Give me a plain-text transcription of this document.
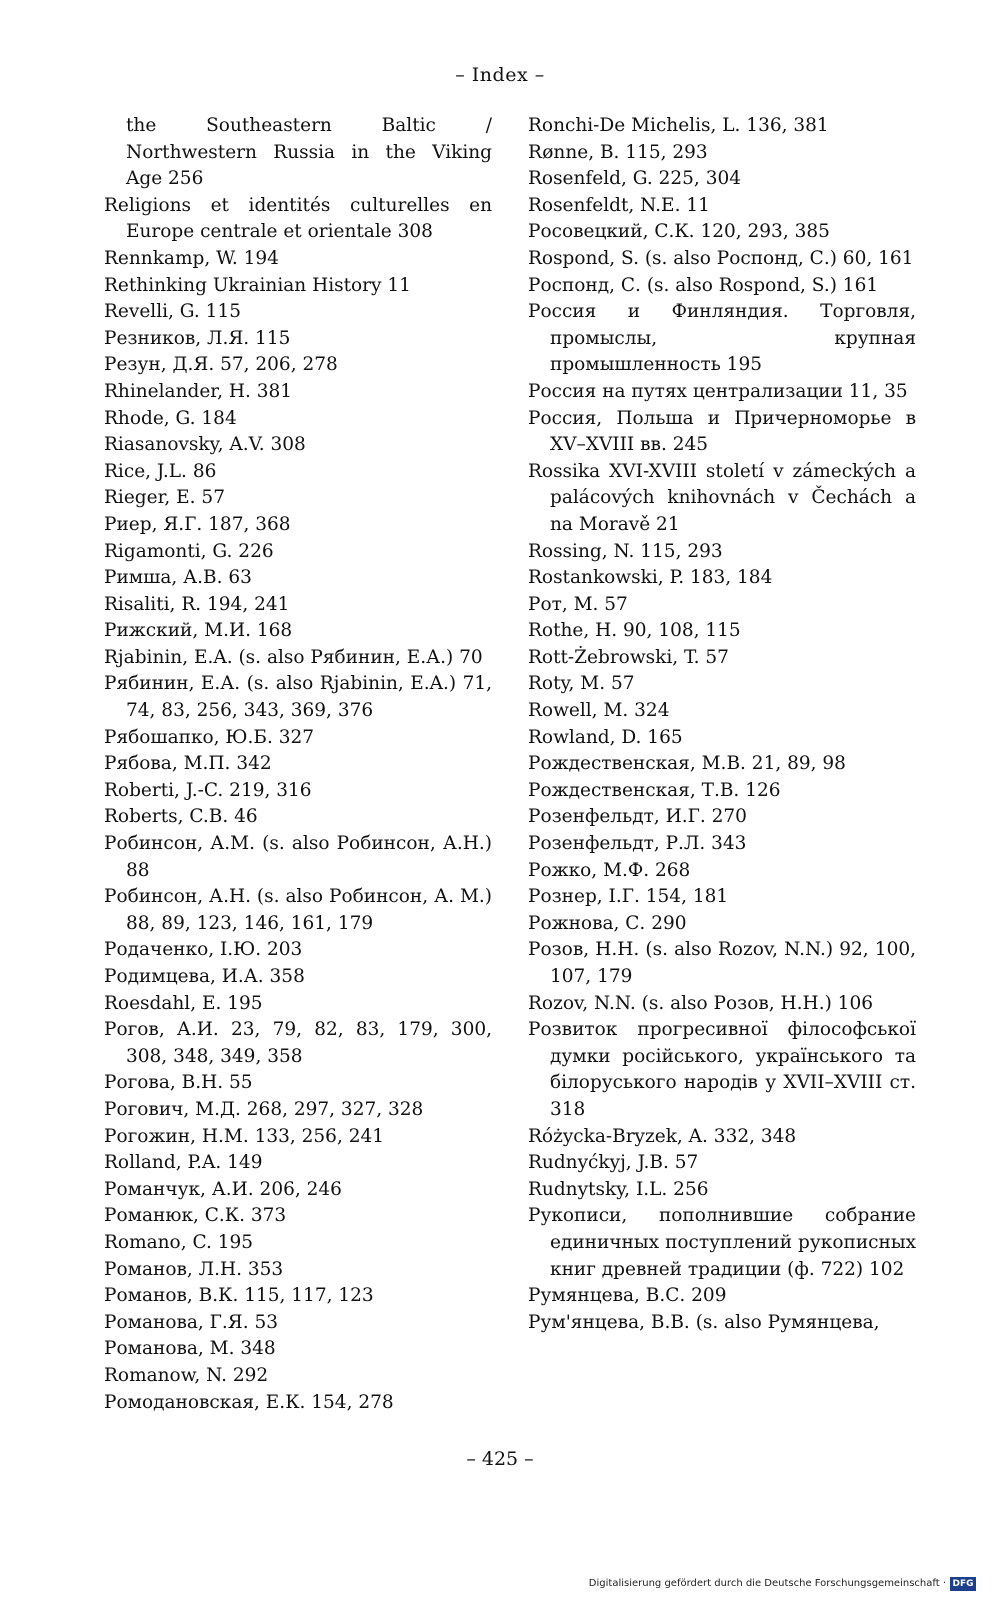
– Index –

the Southeastern Baltic / Northwestern Russia in the Viking Age 256

Religions et identités culturelles en Europe centrale et orientale 308

Rennkamp, W. 194

Rethinking Ukrainian History 11

Revelli, G. 115

Резников, Л.Я. 115

Резун, Д.Я. 57, 206, 278

Rhinelander, H. 381

Rhode, G. 184

Riasanovsky, A.V. 308

Rice, J.L. 86

Rieger, E. 57

Риер, Я.Г. 187, 368

Rigamonti, G. 226

Римша, А.В. 63

Risaliti, R. 194, 241

Рижский, М.И. 168

Rjabinin, E.A. (s. also Рябинин, Е.А.) 70

Рябинин, Е.А. (s. also Rjabinin, E.A.) 71, 74, 83, 256, 343, 369, 376

Рябошапко, Ю.Б. 327

Рябова, М.П. 342

Roberti, J.-C. 219, 316

Roberts, C.B. 46

Робинсон, А.М. (s. also Робинсон, А.Н.) 88

Робинсон, А.Н. (s. also Робинсон, А. М.) 88, 89, 123, 146, 161, 179

Родаченко, І.Ю. 203

Родимцева, И.А. 358

Roesdahl, E. 195

Рогов, А.И. 23, 79, 82, 83, 179, 300, 308, 348, 349, 358

Рогова, В.Н. 55

Рогович, М.Д. 268, 297, 327, 328

Рогожин, Н.М. 133, 256, 241

Rolland, P.A. 149

Романчук, А.И. 206, 246

Романюк, С.К. 373

Romano, C. 195

Романов, Л.Н. 353

Романов, В.К. 115, 117, 123

Романова, Г.Я. 53

Романова, М. 348

Romanow, N. 292

Ромодановская, Е.К. 154, 278

Ronchi-De Michelis, L. 136, 381

Rønne, B. 115, 293

Rosenfeld, G. 225, 304

Rosenfeldt, N.E. 11

Росовецкий, С.К. 120, 293, 385

Rospond, S. (s. also Роспонд, С.) 60, 161

Роспонд, С. (s. also Rospond, S.) 161

Россия и Финляндия. Торговля, промыслы, крупная промышленность 195

Россия на путях централизации 11, 35

Россия, Польша и Причерноморье в XV–XVIII вв. 245

Rossika XVI-XVIII století v zámeckých a palácových knihovnách v Čechách a na Moravě 21

Rossing, N. 115, 293

Rostankowski, P. 183, 184

Рот, М. 57

Rothe, H. 90, 108, 115

Rott-Żebrowski, T. 57

Roty, M. 57

Rowell, M. 324

Rowland, D. 165

Рождественская, М.В. 21, 89, 98

Рождественская, Т.В. 126

Розенфельдт, И.Г. 270

Розенфельдт, Р.Л. 343

Рожко, М.Ф. 268

Рознер, І.Г. 154, 181

Рожнова, С. 290

Розов, Н.Н. (s. also Rozov, N.N.) 92, 100, 107, 179

Rozov, N.N. (s. also Розов, Н.Н.) 106

Розвиток прогресивної філософської думки російського, українського та білоруського народів у XVII–XVIII ст. 318

Różycka-Bryzek, A. 332, 348

Rudnyćkyj, J.B. 57

Rudnytsky, I.L. 256

Рукописи, пополнившие собрание единичных поступлений рукописных книг древней традиции (ф. 722) 102

Румянцева, В.С. 209

Рум'янцева, В.В. (s. also Румянцева,

– 425 –
Digitalisierung gefördert durch die Deutsche Forschungsgemeinschaft · DFG
